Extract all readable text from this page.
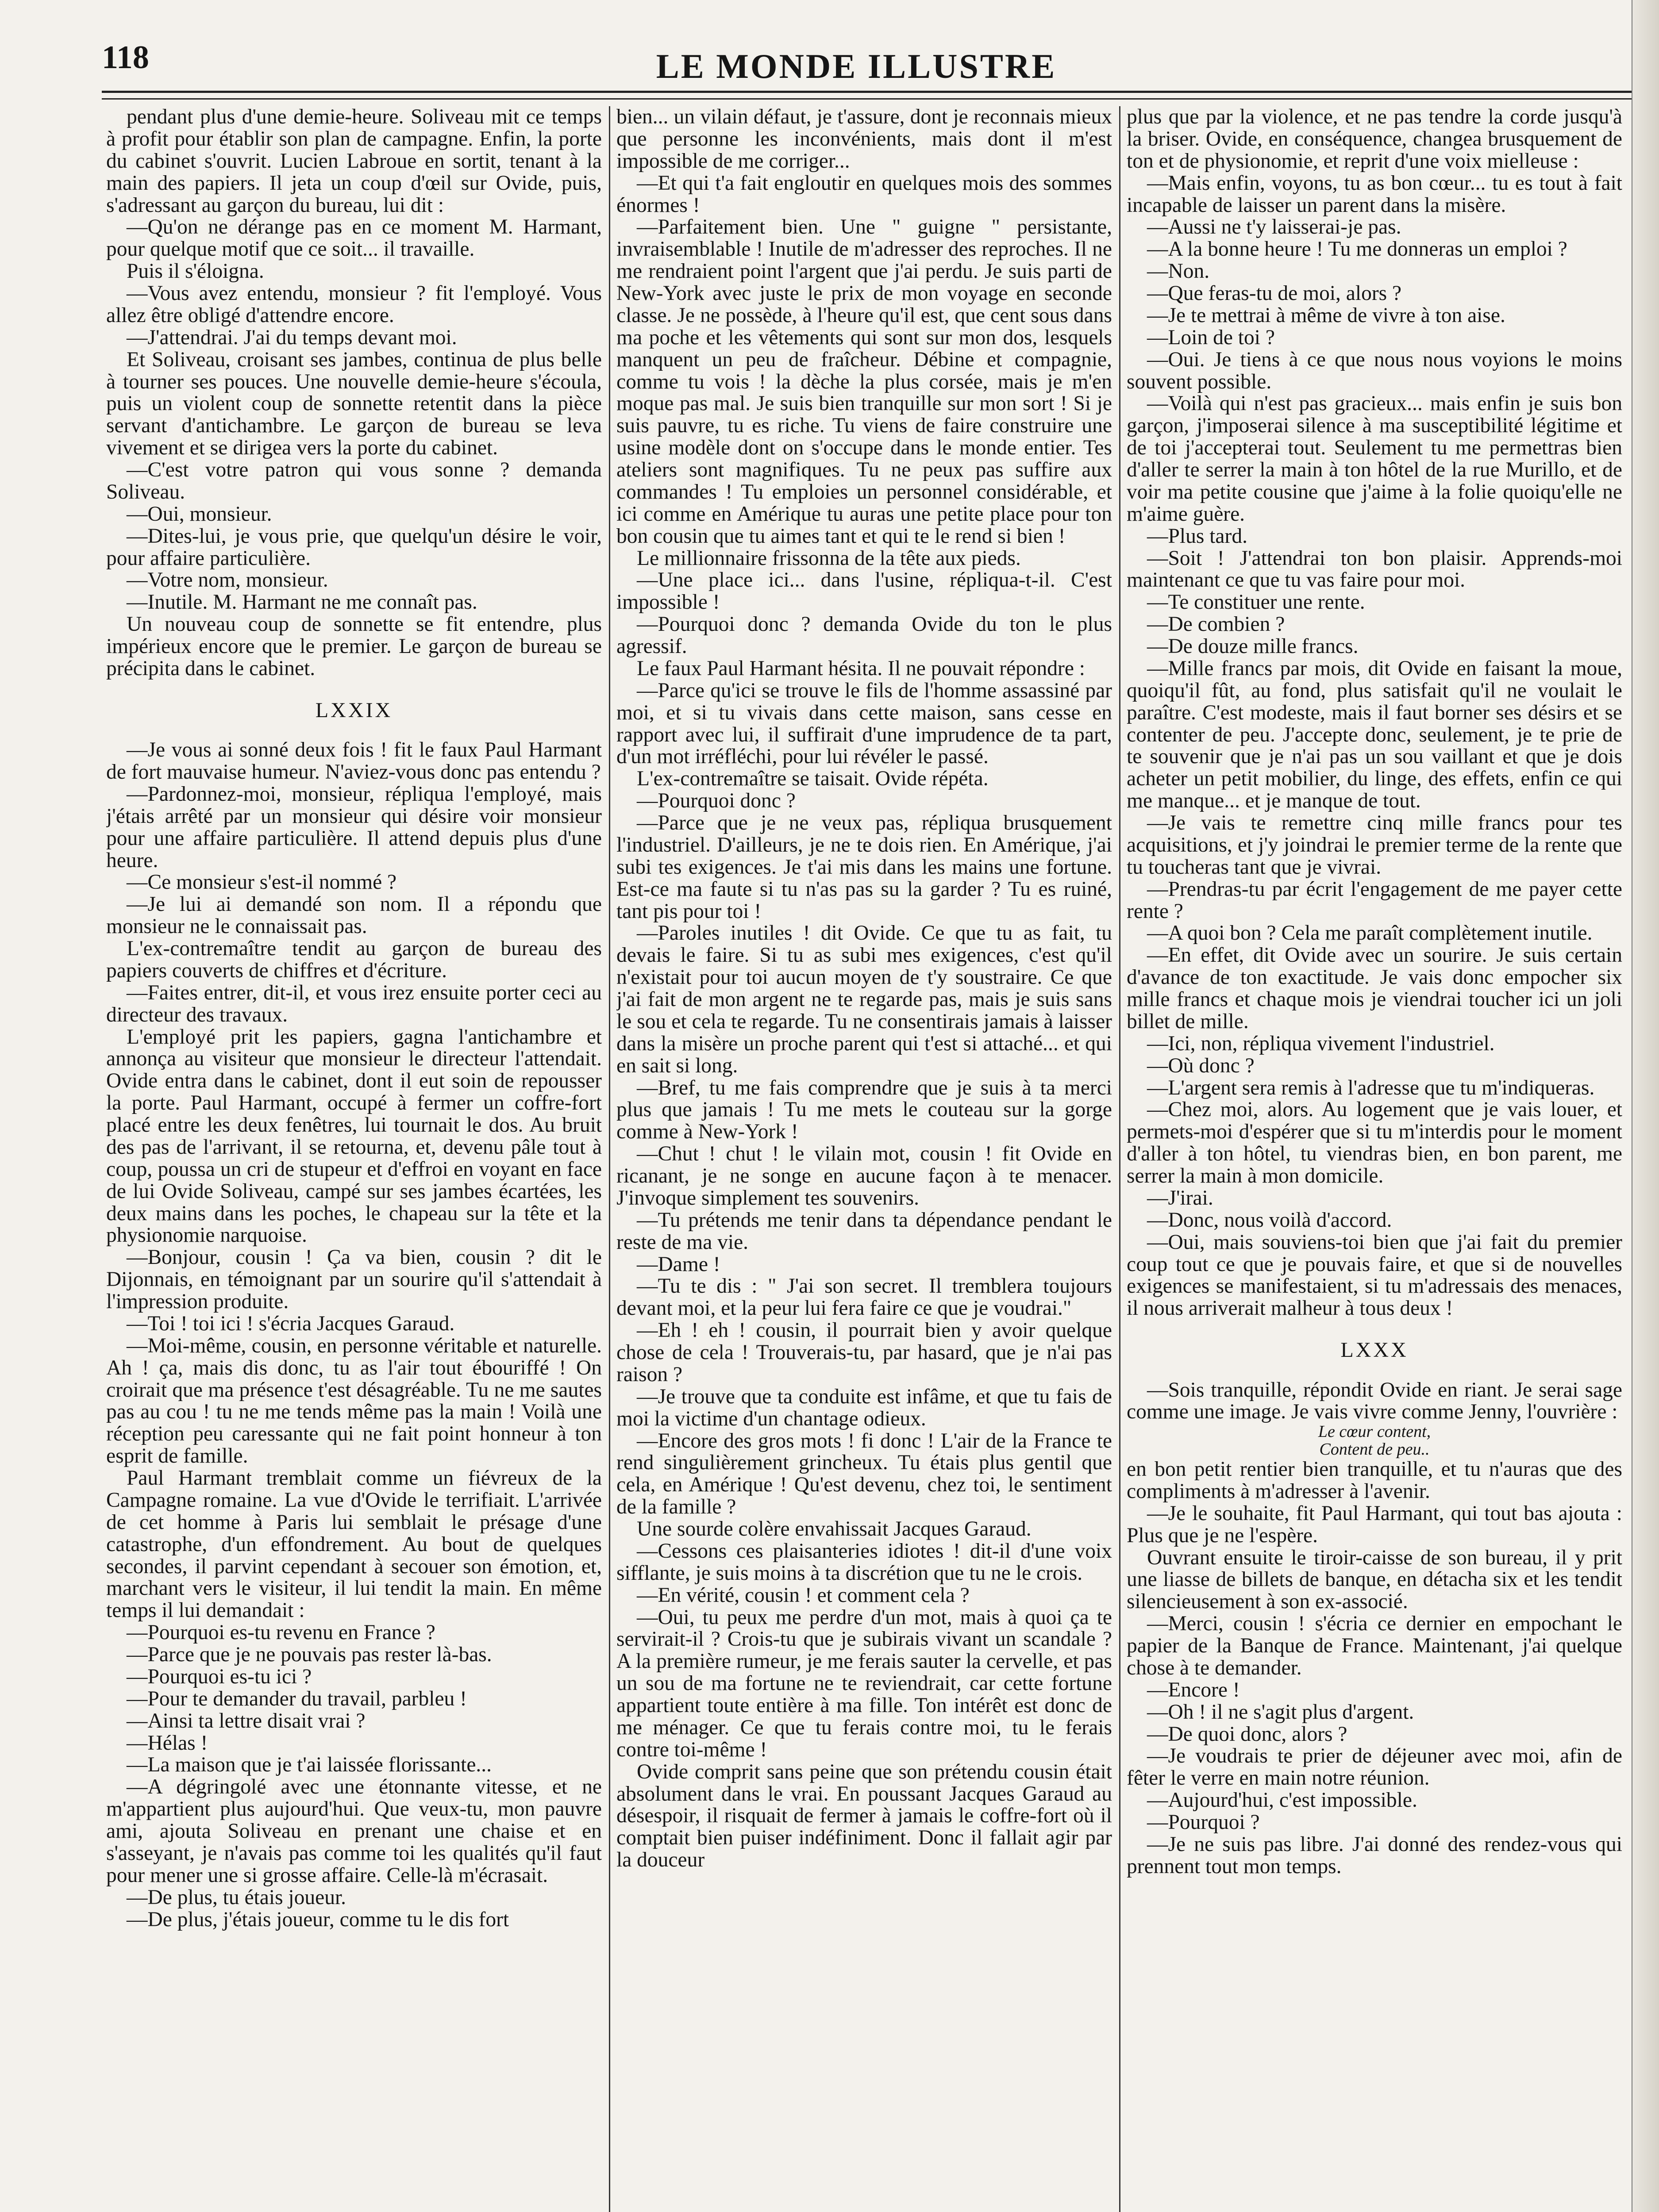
118	LE MONDE ILLUSTRE

pendant plus d'une demie-heure. Soliveau mit ce temps à profit pour établir son plan de campagne. Enfin, la porte du cabinet s'ouvrit. Lucien Labroue en sortit, tenant à la main des papiers. Il jeta un coup d'œil sur Ovide, puis, s'adressant au garçon du bureau, lui dit :

—Qu'on ne dérange pas en ce moment M. Harmant, pour quelque motif que ce soit... il travaille.

Puis il s'éloigna.

—Vous avez entendu, monsieur ? fit l'employé. Vous allez être obligé d'attendre encore.

—J'attendrai. J'ai du temps devant moi.

Et Soliveau, croisant ses jambes, continua de plus belle à tourner ses pouces. Une nouvelle demie-heure s'écoula, puis un violent coup de sonnette retentit dans la pièce servant d'antichambre. Le garçon de bureau se leva vivement et se dirigea vers la porte du cabinet.

—C'est votre patron qui vous sonne ? demanda Soliveau.

—Oui, monsieur.

—Dites-lui, je vous prie, que quelqu'un désire le voir, pour affaire particulière.

—Votre nom, monsieur.

—Inutile. M. Harmant ne me connaît pas.

Un nouveau coup de sonnette se fit entendre, plus impérieux encore que le premier. Le garçon de bureau se précipita dans le cabinet.

LXXIX

—Je vous ai sonné deux fois ! fit le faux Paul Harmant de fort mauvaise humeur. N'aviez-vous donc pas entendu ?

—Pardonnez-moi, monsieur, répliqua l'employé, mais j'étais arrêté par un monsieur qui désire voir monsieur pour une affaire particulière. Il attend depuis plus d'une heure.

—Ce monsieur s'est-il nommé ?

—Je lui ai demandé son nom. Il a répondu que monsieur ne le connaissait pas.

L'ex-contremaître tendit au garçon de bureau des papiers couverts de chiffres et d'écriture.

—Faites entrer, dit-il, et vous irez ensuite porter ceci au directeur des travaux.

L'employé prit les papiers, gagna l'antichambre et annonça au visiteur que monsieur le directeur l'attendait. Ovide entra dans le cabinet, dont il eut soin de repousser la porte. Paul Harmant, occupé à fermer un coffre-fort placé entre les deux fenêtres, lui tournait le dos. Au bruit des pas de l'arrivant, il se retourna, et, devenu pâle tout à coup, poussa un cri de stupeur et d'effroi en voyant en face de lui Ovide Soliveau, campé sur ses jambes écartées, les deux mains dans les poches, le chapeau sur la tête et la physionomie narquoise.

—Bonjour, cousin ! Ça va bien, cousin ? dit le Dijonnais, en témoignant par un sourire qu'il s'attendait à l'impression produite.

—Toi ! toi ici ! s'écria Jacques Garaud.

—Moi-même, cousin, en personne véritable et naturelle. Ah ! ça, mais dis donc, tu as l'air tout ébouriffé ! On croirait que ma présence t'est désagréable. Tu ne me sautes pas au cou ! tu ne me tends même pas la main ! Voilà une réception peu caressante qui ne fait point honneur à ton esprit de famille.

Paul Harmant tremblait comme un fiévreux de la Campagne romaine. La vue d'Ovide le terrifiait. L'arrivée de cet homme à Paris lui semblait le présage d'une catastrophe, d'un effondrement. Au bout de quelques secondes, il parvint cependant à secouer son émotion, et, marchant vers le visiteur, il lui tendit la main. En même temps il lui demandait :

—Pourquoi es-tu revenu en France ?

—Parce que je ne pouvais pas rester là-bas.

—Pourquoi es-tu ici ?

—Pour te demander du travail, parbleu !

—Ainsi ta lettre disait vrai ?

—Hélas !

—La maison que je t'ai laissée florissante...

—A dégringolé avec une étonnante vitesse, et ne m'appartient plus aujourd'hui. Que veux-tu, mon pauvre ami, ajouta Soliveau en prenant une chaise et en s'asseyant, je n'avais pas comme toi les qualités qu'il faut pour mener une si grosse affaire. Celle-là m'écrasait.

—De plus, tu étais joueur.

—De plus, j'étais joueur, comme tu le dis fort

bien... un vilain défaut, je t'assure, dont je reconnais mieux que personne les inconvénients, mais dont il m'est impossible de me corriger...

—Et qui t'a fait engloutir en quelques mois des sommes énormes !

—Parfaitement bien. Une " guigne " persistante, invraisemblable ! Inutile de m'adresser des reproches. Il ne me rendraient point l'argent que j'ai perdu. Je suis parti de New-York avec juste le prix de mon voyage en seconde classe. Je ne possède, à l'heure qu'il est, que cent sous dans ma poche et les vêtements qui sont sur mon dos, lesquels manquent un peu de fraîcheur. Débine et compagnie, comme tu vois ! la dèche la plus corsée, mais je m'en moque pas mal. Je suis bien tranquille sur mon sort ! Si je suis pauvre, tu es riche. Tu viens de faire construire une usine modèle dont on s'occupe dans le monde entier. Tes ateliers sont magnifiques. Tu ne peux pas suffire aux commandes ! Tu emploies un personnel considérable, et ici comme en Amérique tu auras une petite place pour ton bon cousin que tu aimes tant et qui te le rend si bien !

Le millionnaire frissonna de la tête aux pieds.

—Une place ici... dans l'usine, répliqua-t-il. C'est impossible !

—Pourquoi donc ? demanda Ovide du ton le plus agressif.

Le faux Paul Harmant hésita. Il ne pouvait répondre :

—Parce qu'ici se trouve le fils de l'homme assassiné par moi, et si tu vivais dans cette maison, sans cesse en rapport avec lui, il suffirait d'une imprudence de ta part, d'un mot irréfléchi, pour lui révéler le passé.

L'ex-contremaître se taisait. Ovide répéta.

—Pourquoi donc ?

—Parce que je ne veux pas, répliqua brusquement l'industriel. D'ailleurs, je ne te dois rien. En Amérique, j'ai subi tes exigences. Je t'ai mis dans les mains une fortune. Est-ce ma faute si tu n'as pas su la garder ? Tu es ruiné, tant pis pour toi !

—Paroles inutiles ! dit Ovide. Ce que tu as fait, tu devais le faire. Si tu as subi mes exigences, c'est qu'il n'existait pour toi aucun moyen de t'y soustraire. Ce que j'ai fait de mon argent ne te regarde pas, mais je suis sans le sou et cela te regarde. Tu ne consentirais jamais à laisser dans la misère un proche parent qui t'est si attaché... et qui en sait si long.

—Bref, tu me fais comprendre que je suis à ta merci plus que jamais ! Tu me mets le couteau sur la gorge comme à New-York !

—Chut ! chut ! le vilain mot, cousin ! fit Ovide en ricanant, je ne songe en aucune façon à te menacer. J'invoque simplement tes souvenirs.

—Tu prétends me tenir dans ta dépendance pendant le reste de ma vie.

—Dame !

—Tu te dis : " J'ai son secret. Il tremblera toujours devant moi, et la peur lui fera faire ce que je voudrai."

—Eh ! eh ! cousin, il pourrait bien y avoir quelque chose de cela ! Trouverais-tu, par hasard, que je n'ai pas raison ?

—Je trouve que ta conduite est infâme, et que tu fais de moi la victime d'un chantage odieux.

—Encore des gros mots ! fi donc ! L'air de la France te rend singulièrement grincheux. Tu étais plus gentil que cela, en Amérique ! Qu'est devenu, chez toi, le sentiment de la famille ?

Une sourde colère envahissait Jacques Garaud.

—Cessons ces plaisanteries idiotes ! dit-il d'une voix sifflante, je suis moins à ta discrétion que tu ne le crois.

—En vérité, cousin ! et comment cela ?

—Oui, tu peux me perdre d'un mot, mais à quoi ça te servirait-il ? Crois-tu que je subirais vivant un scandale ? A la première rumeur, je me ferais sauter la cervelle, et pas un sou de ma fortune ne te reviendrait, car cette fortune appartient toute entière à ma fille. Ton intérêt est donc de me ménager. Ce que tu ferais contre moi, tu le ferais contre toi-même !

Ovide comprit sans peine que son prétendu cousin était absolument dans le vrai. En poussant Jacques Garaud au désespoir, il risquait de fermer à jamais le coffre-fort où il comptait bien puiser indéfiniment. Donc il fallait agir par la douceur

plus que par la violence, et ne pas tendre la corde jusqu'à la briser. Ovide, en conséquence, changea brusquement de ton et de physionomie, et reprit d'une voix mielleuse :

—Mais enfin, voyons, tu as bon cœur... tu es tout à fait incapable de laisser un parent dans la misère.

—Aussi ne t'y laisserai-je pas.

—A la bonne heure ! Tu me donneras un emploi ?

—Non.

—Que feras-tu de moi, alors ?

—Je te mettrai à même de vivre à ton aise.

—Loin de toi ?

—Oui. Je tiens à ce que nous nous voyions le moins souvent possible.

—Voilà qui n'est pas gracieux... mais enfin je suis bon garçon, j'imposerai silence à ma susceptibilité légitime et de toi j'accepterai tout. Seulement tu me permettras bien d'aller te serrer la main à ton hôtel de la rue Murillo, et de voir ma petite cousine que j'aime à la folie quoiqu'elle ne m'aime guère.

—Plus tard.

—Soit ! J'attendrai ton bon plaisir. Apprends-moi maintenant ce que tu vas faire pour moi.

—Te constituer une rente.

—De combien ?

—De douze mille francs.

—Mille francs par mois, dit Ovide en faisant la moue, quoiqu'il fût, au fond, plus satisfait qu'il ne voulait le paraître. C'est modeste, mais il faut borner ses désirs et se contenter de peu. J'accepte donc, seulement, je te prie de te souvenir que je n'ai pas un sou vaillant et que je dois acheter un petit mobilier, du linge, des effets, enfin ce qui me manque... et je manque de tout.

—Je vais te remettre cinq mille francs pour tes acquisitions, et j'y joindrai le premier terme de la rente que tu toucheras tant que je vivrai.

—Prendras-tu par écrit l'engagement de me payer cette rente ?

—A quoi bon ? Cela me paraît complètement inutile.

—En effet, dit Ovide avec un sourire. Je suis certain d'avance de ton exactitude. Je vais donc empocher six mille francs et chaque mois je viendrai toucher ici un joli billet de mille.

—Ici, non, répliqua vivement l'industriel.

—Où donc ?

—L'argent sera remis à l'adresse que tu m'indiqueras.

—Chez moi, alors. Au logement que je vais louer, et permets-moi d'espérer que si tu m'interdis pour le moment d'aller à ton hôtel, tu viendras bien, en bon parent, me serrer la main à mon domicile.

—J'irai.

—Donc, nous voilà d'accord.

—Oui, mais souviens-toi bien que j'ai fait du premier coup tout ce que je pouvais faire, et que si de nouvelles exigences se manifestaient, si tu m'adressais des menaces, il nous arriverait malheur à tous deux !

LXXX

—Sois tranquille, répondit Ovide en riant. Je serai sage comme une image. Je vais vivre comme Jenny, l'ouvrière :

Le cœur content,

Content de peu..

en bon petit rentier bien tranquille, et tu n'auras que des compliments à m'adresser à l'avenir.

—Je le souhaite, fit Paul Harmant, qui tout bas ajouta : Plus que je ne l'espère.

Ouvrant ensuite le tiroir-caisse de son bureau, il y prit une liasse de billets de banque, en détacha six et les tendit silencieusement à son ex-associé.

—Merci, cousin ! s'écria ce dernier en empochant le papier de la Banque de France. Maintenant, j'ai quelque chose à te demander.

—Encore !

—Oh ! il ne s'agit plus d'argent.

—De quoi donc, alors ?

—Je voudrais te prier de déjeuner avec moi, afin de fêter le verre en main notre réunion.

—Aujourd'hui, c'est impossible.

—Pourquoi ?

—Je ne suis pas libre. J'ai donné des rendez-vous qui prennent tout mon temps.
